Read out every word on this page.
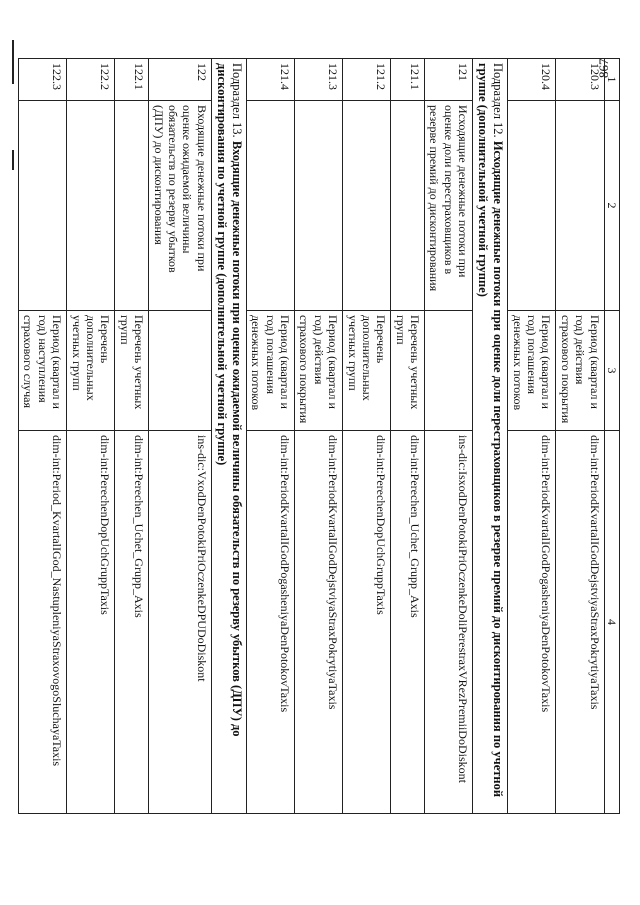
867
1	2	3	4
120.3		Период (квартал и год) действия страхового покрытия	dim-int:PeriodKvartalIGodDejstviyaStraxPokrytiyaTaxis
120.4		Период (квартал и год) погашения денежных потоков	dim-int:PeriodKvartalIGodPogasheniyaDenPotokovTaxis
Подраздел 12. Исходящие денежные потоки при оценке доли перестраховщиков в резерве премий до дисконтирования по учетной группе (дополнительной учетной группе)			
121	Исходящие денежные потоки при оценке доли перестраховщиков в резерве премий до дисконтирования		ins-dic:IsxodDenPotokiPriOczenkeDoliPerestraxVRezPremiiDoDiskont
121.1		Перечень учетных групп	dim-int:Perechen_Uchet_Grupp_Axis
121.2		Перечень дополнительных учетных групп	dim-int:PerechenDopUchGruppTaxis
121.3		Период (квартал и год) действия страхового покрытия	dim-int:PeriodKvartalIGodDejstviyaStraxPokrytiyaTaxis
121.4		Период (квартал и год) погашения денежных потоков	dim-int:PeriodKvartalIGodPogasheniyaDenPotokovTaxis
Подраздел 13. Входящие денежные потоки при оценке ожидаемой величины обязательств по резерву убытков (ДПУ) до дисконтирования по учетной группе (дополнительной учетной группе)			
122	Входящие денежные потоки при оценке ожидаемой величины обязательств по резерву убытков (ДПУ) до дисконтирования		ins-dic:VxodDenPotokiPriOczenkeDPUDoDiskont
122.1		Перечень учетных групп	dim-int:Perechen_Uchet_Grupp_Axis
122.2		Перечень дополнительных учетных групп	dim-int:PerechenDopUchGruppTaxis
122.3		Период (квартал и год) наступления страхового случая	dim-int:Period_KvartalIGod_NastupleniyaStraxovogoSluchayaTaxis
